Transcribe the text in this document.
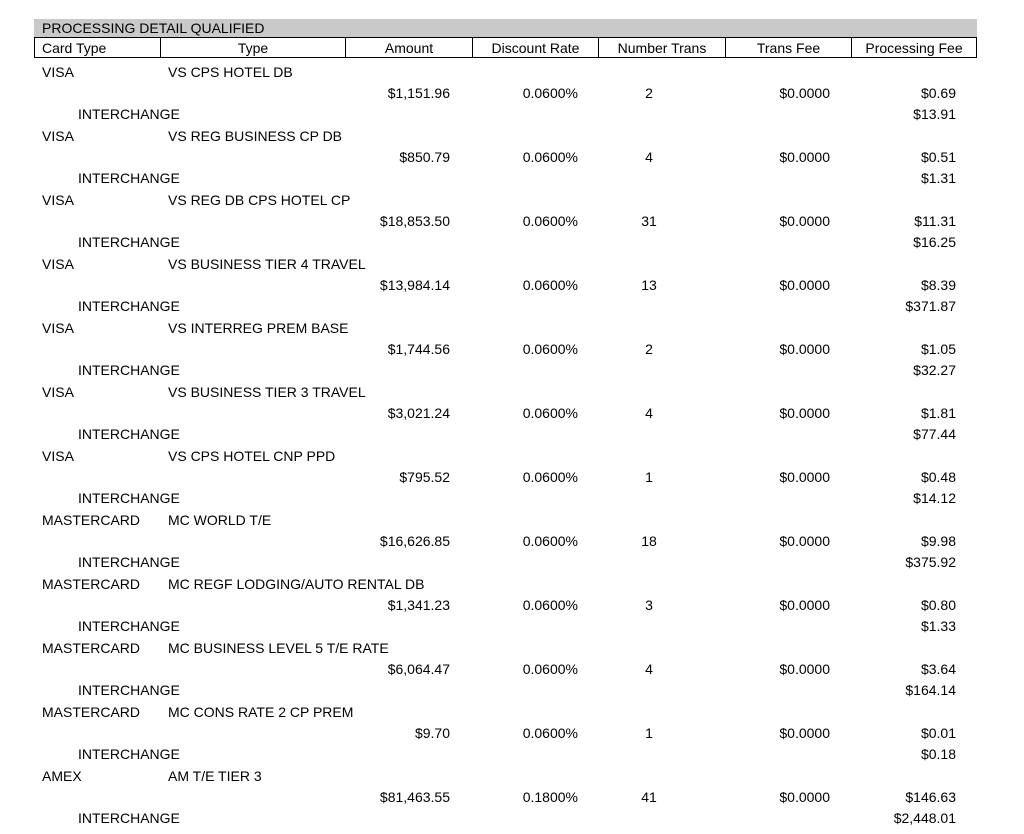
PROCESSING DETAIL QUALIFIED
Card Type	Type	Amount	Discount Rate	Number Trans	Trans Fee	Processing Fee
VISA	VS CPS HOTEL DB
$1,151.96	0.0600%	2	$0.0000	$0.69
INTERCHANGE	$13.91
VISA	VS REG BUSINESS CP DB
$850.79	0.0600%	4	$0.0000	$0.51
INTERCHANGE	$1.31
VISA	VS REG DB CPS HOTEL CP
$18,853.50	0.0600%	31	$0.0000	$11.31
INTERCHANGE	$16.25
VISA	VS BUSINESS TIER 4 TRAVEL
$13,984.14	0.0600%	13	$0.0000	$8.39
INTERCHANGE	$371.87
VISA	VS INTERREG PREM BASE
$1,744.56	0.0600%	2	$0.0000	$1.05
INTERCHANGE	$32.27
VISA	VS BUSINESS TIER 3 TRAVEL
$3,021.24	0.0600%	4	$0.0000	$1.81
INTERCHANGE	$77.44
VISA	VS CPS HOTEL CNP PPD
$795.52	0.0600%	1	$0.0000	$0.48
INTERCHANGE	$14.12
MASTERCARD MC WORLD T/E
$16,626.85	0.0600%	18	$0.0000	$9.98
INTERCHANGE	$375.92
MASTERCARD MC REGF LODGING/AUTO RENTAL DB
$1,341.23	0.0600%	3	$0.0000	$0.80
INTERCHANGE	$1.33
MASTERCARD MC BUSINESS LEVEL 5 T/E RATE
$6,064.47	0.0600%	4	$0.0000	$3.64
INTERCHANGE	$164.14
MASTERCARD MC CONS RATE 2 CP PREM
$9.70	0.0600%	1	$0.0000	$0.01
INTERCHANGE	$0.18
AMEX	AM T/E TIER 3
$81,463.55	0.1800%	41	$0.0000	$146.63
INTERCHANGE	$2,448.01
